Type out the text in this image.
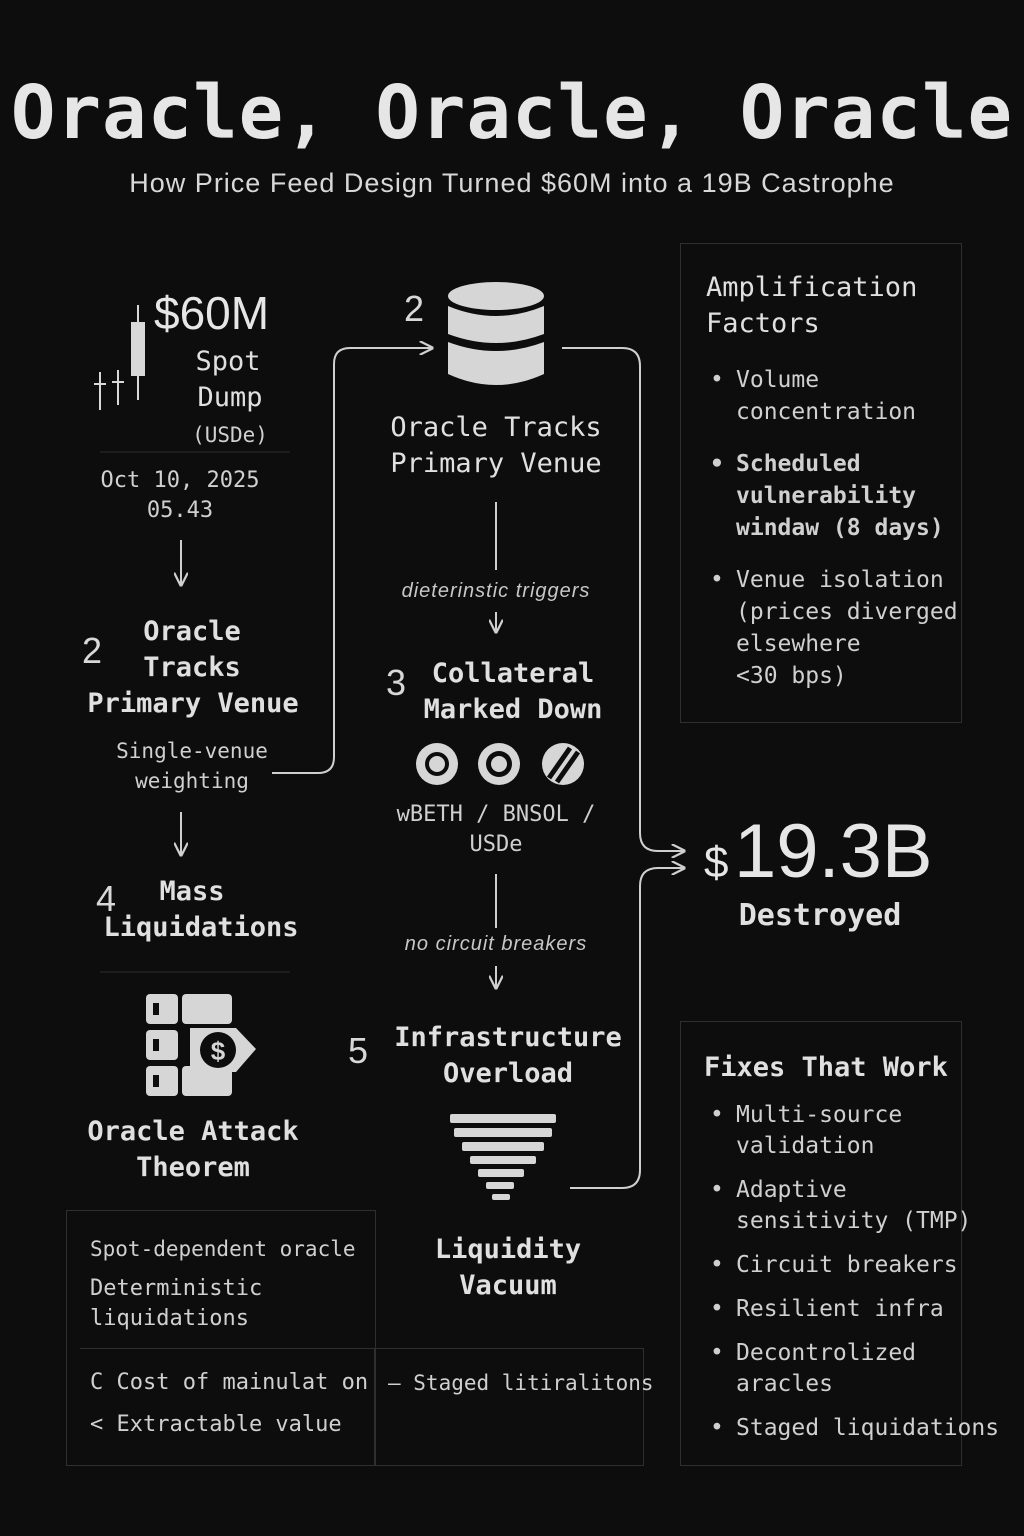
Oracle, Oracle, Oracle
How Price Feed Design Turned $60M into a 19B Castrophe
$60M
Spot
Dump
(USDe)
Oct 10, 2025
05.43
2	Oracle
Tracks
Primary Venue
Single-venue
weighting
4	Mass
Liquidations
$
Oracle Attack
Theorem
Spot-dependent oracle
Deterministic
liquidations
C Cost of mainulat on
< Extractable value
– Staged litiralitons
2
Oracle Tracks
Primary Venue
dieterinstic triggers
3 Collateral
Marked Down
wBETH / BNSOL /
USDe
no circuit breakers
5 Infrastructure
Overload
Liquidity
Vacuum
Amplification
Factors
• Volume
concentration
• Scheduled
vulnerability
windaw (8 days)
• Venue isolation
(prices diverged
elsewhere
<30 bps)
$ 19.3B
Destroyed
Fixes That Work
• Multi-source
validation
• Adaptive
sensitivity (TMP)
• Circuit breakers
• Resilient infra
• Decontrolized
aracles
• Staged liquidations
